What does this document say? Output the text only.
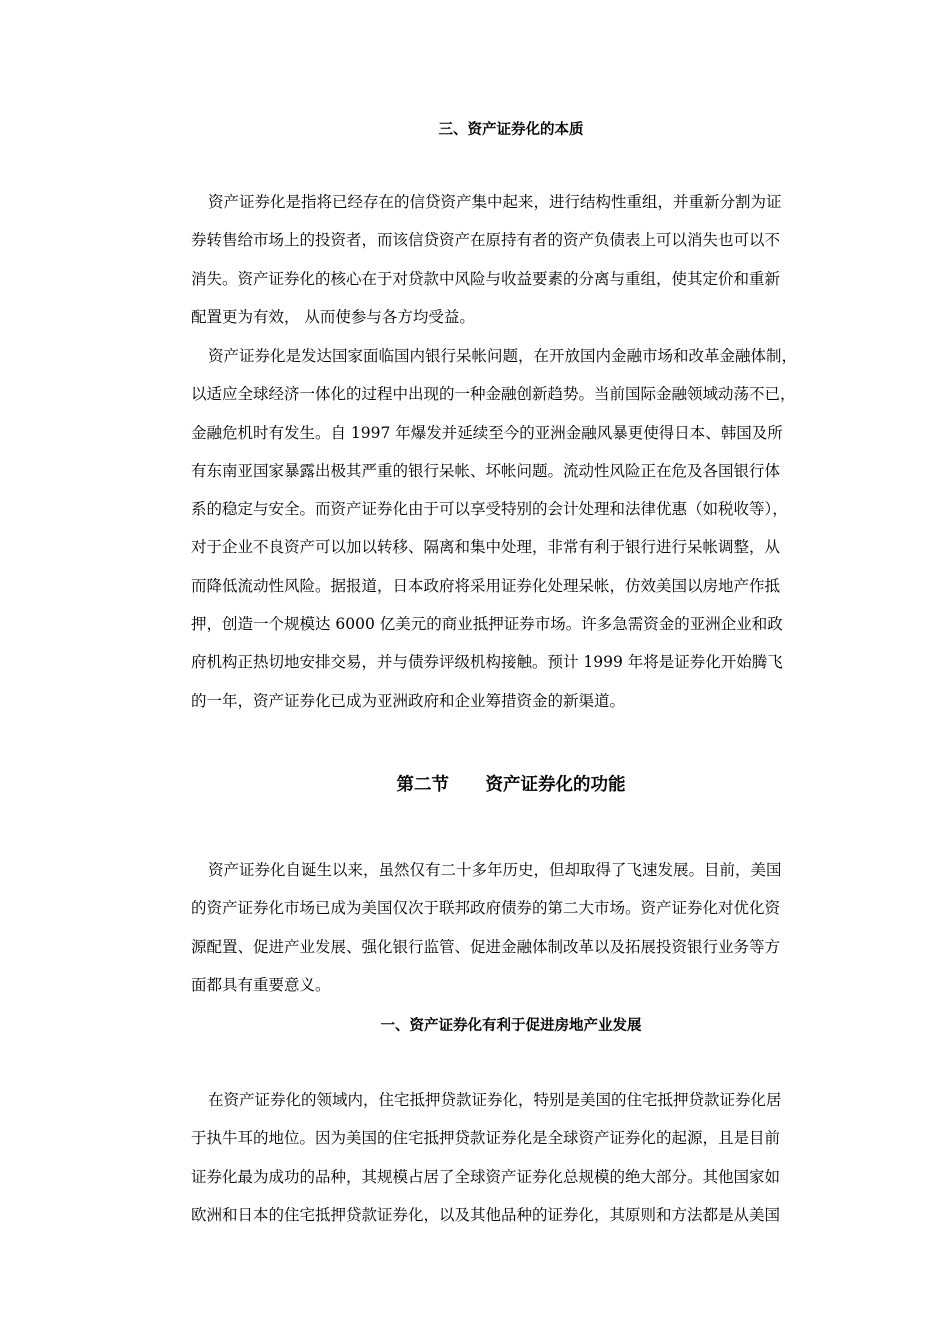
三、资产证券化的本质
资产证券化是指将已经存在的信贷资产集中起来，进行结构性重组，并重新分割为证
券转售给市场上的投资者，而该信贷资产在原持有者的资产负债表上可以消失也可以不
消失。资产证券化的核心在于对贷款中风险与收益要素的分离与重组，使其定价和重新
配置更为有效， 从而使参与各方均受益。
资产证券化是发达国家面临国内银行呆帐问题，在开放国内金融市场和改革金融体制，
以适应全球经济一体化的过程中出现的一种金融创新趋势。当前国际金融领域动荡不已，
金融危机时有发生。自 1997 年爆发并延续至今的亚洲金融风暴更使得日本、韩国及所
有东南亚国家暴露出极其严重的银行呆帐、坏帐问题。流动性风险正在危及各国银行体
系的稳定与安全。而资产证券化由于可以享受特别的会计处理和法律优惠（如税收等），
对于企业不良资产可以加以转移、隔离和集中处理，非常有利于银行进行呆帐调整，从
而降低流动性风险。据报道，日本政府将采用证券化处理呆帐，仿效美国以房地产作抵
押，创造一个规模达 6000 亿美元的商业抵押证券市场。许多急需资金的亚洲企业和政
府机构正热切地安排交易，并与债券评级机构接触。预计 1999 年将是证券化开始腾飞
的一年，资产证券化已成为亚洲政府和企业筹措资金的新渠道。
第二节      资产证券化的功能
资产证券化自诞生以来，虽然仅有二十多年历史，但却取得了飞速发展。目前，美国
的资产证券化市场已成为美国仅次于联邦政府债券的第二大市场。资产证券化对优化资
源配置、促进产业发展、强化银行监管、促进金融体制改革以及拓展投资银行业务等方
面都具有重要意义。
一、资产证券化有利于促进房地产业发展
在资产证券化的领域内，住宅抵押贷款证券化，特别是美国的住宅抵押贷款证券化居
于执牛耳的地位。因为美国的住宅抵押贷款证券化是全球资产证券化的起源，且是目前
证券化最为成功的品种，其规模占居了全球资产证券化总规模的绝大部分。其他国家如
欧洲和日本的住宅抵押贷款证券化，以及其他品种的证券化，其原则和方法都是从美国
